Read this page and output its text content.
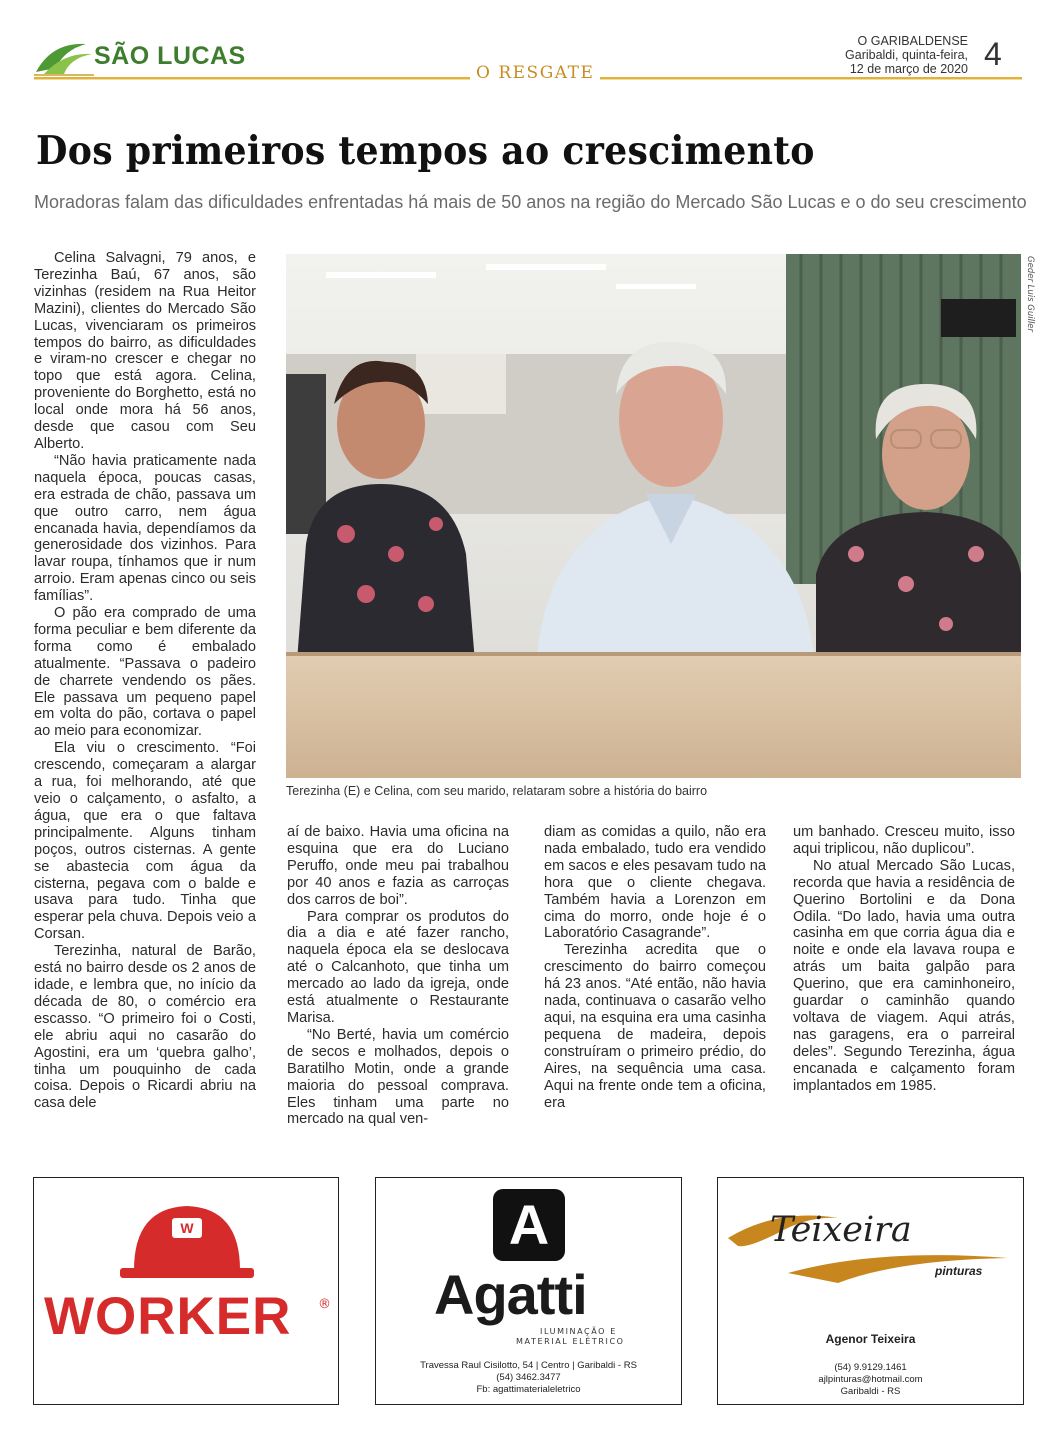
SÃO LUCAS
O RESGATE
O GARIBALDENSE
Garibaldi, quinta-feira,
12 de março de 2020 4
Dos primeiros tempos ao crescimento
Moradoras falam das dificuldades enfrentadas há mais de 50 anos na região do Mercado São Lucas e o do seu crescimento
Geder Luis Guiller
Terezinha (E) e Celina, com seu marido, relataram sobre a história do bairro

Celina Salvagni, 79 anos, e Terezinha Baú, 67 anos, são vizinhas (residem na Rua Heitor Mazini), clientes do Mercado São Lucas, vivenciaram os primeiros tempos do bairro, as dificuldades e viram-no crescer e chegar no topo que está agora. Celina, proveniente do Borghetto, está no local onde mora há 56 anos, desde que casou com Seu Alberto.

“Não havia praticamente nada naquela época, poucas casas, era estrada de chão, passava um que outro carro, nem água encanada havia, dependíamos da generosidade dos vizinhos. Para lavar roupa, tínhamos que ir num arroio. Eram apenas cinco ou seis famílias”.

O pão era comprado de uma forma peculiar e bem diferente da forma como é embalado atualmente. “Passava o padeiro de charrete vendendo os pães. Ele passava um pequeno papel em volta do pão, cortava o papel ao meio para economizar.

Ela viu o crescimento. “Foi crescendo, começaram a alargar a rua, foi melhorando, até que veio o calçamento, o asfalto, a água, que era o que faltava principalmente. Alguns tinham poços, outros cisternas. A gente se abastecia com água da cisterna, pegava com o balde e usava para tudo. Tinha que esperar pela chuva. Depois veio a Corsan.

Terezinha, natural de Barão, está no bairro desde os 2 anos de idade, e lembra que, no início da década de 80, o comércio era escasso. “O primeiro foi o Costi, ele abriu aqui no casarão do Agostini, era um ‘quebra galho’, tinha um pouquinho de cada coisa. Depois o Ricardi abriu na casa dele

aí de baixo. Havia uma oficina na esquina que era do Luciano Peruffo, onde meu pai trabalhou por 40 anos e fazia as carroças dos carros de boi”.

Para comprar os produtos do dia a dia e até fazer rancho, naquela época ela se deslocava até o Calcanhoto, que tinha um mercado ao lado da igreja, onde está atualmente o Restaurante Marisa.

“No Berté, havia um comércio de secos e molhados, depois o Baratilho Motin, onde a grande maioria do pessoal comprava. Eles tinham uma parte no mercado na qual ven-

diam as comidas a quilo, não era nada embalado, tudo era vendido em sacos e eles pesavam tudo na hora que o cliente chegava. Também havia a Lorenzon em cima do morro, onde hoje é o Laboratório Casagrande”.

Terezinha acredita que o crescimento do bairro começou há 23 anos. “Até então, não havia nada, continuava o casarão velho aqui, na esquina era uma casinha pequena de madeira, depois construíram o primeiro prédio, do Aires, na sequência uma casa. Aqui na frente onde tem a oficina, era

um banhado. Cresceu muito, isso aqui triplicou, não duplicou”.

No atual Mercado São Lucas, recorda que havia a residência de Querino Bortolini e da Dona Odila. “Do lado, havia uma outra casinha em que corria água dia e noite e onde ela lavava roupa e atrás um baita galpão para Querino, que era caminhoneiro, guardar o caminhão quando voltava de viagem. Aqui atrás, nas garagens, era o parreiral deles”. Segundo Terezinha, água encanada e calçamento foram implantados em 1985.

W
WORKER ®
A
Agatti
ILUMINAÇÃO E
MATERIAL ELÉTRICO
Travessa Raul Cisilotto, 54 | Centro | Garibaldi - RS
(54) 3462.3477
Fb: agattimaterialeletrico
Teixeira
pinturas
Agenor Teixeira
(54) 9.9129.1461
ajlpinturas@hotmail.com
Garibaldi - RS
